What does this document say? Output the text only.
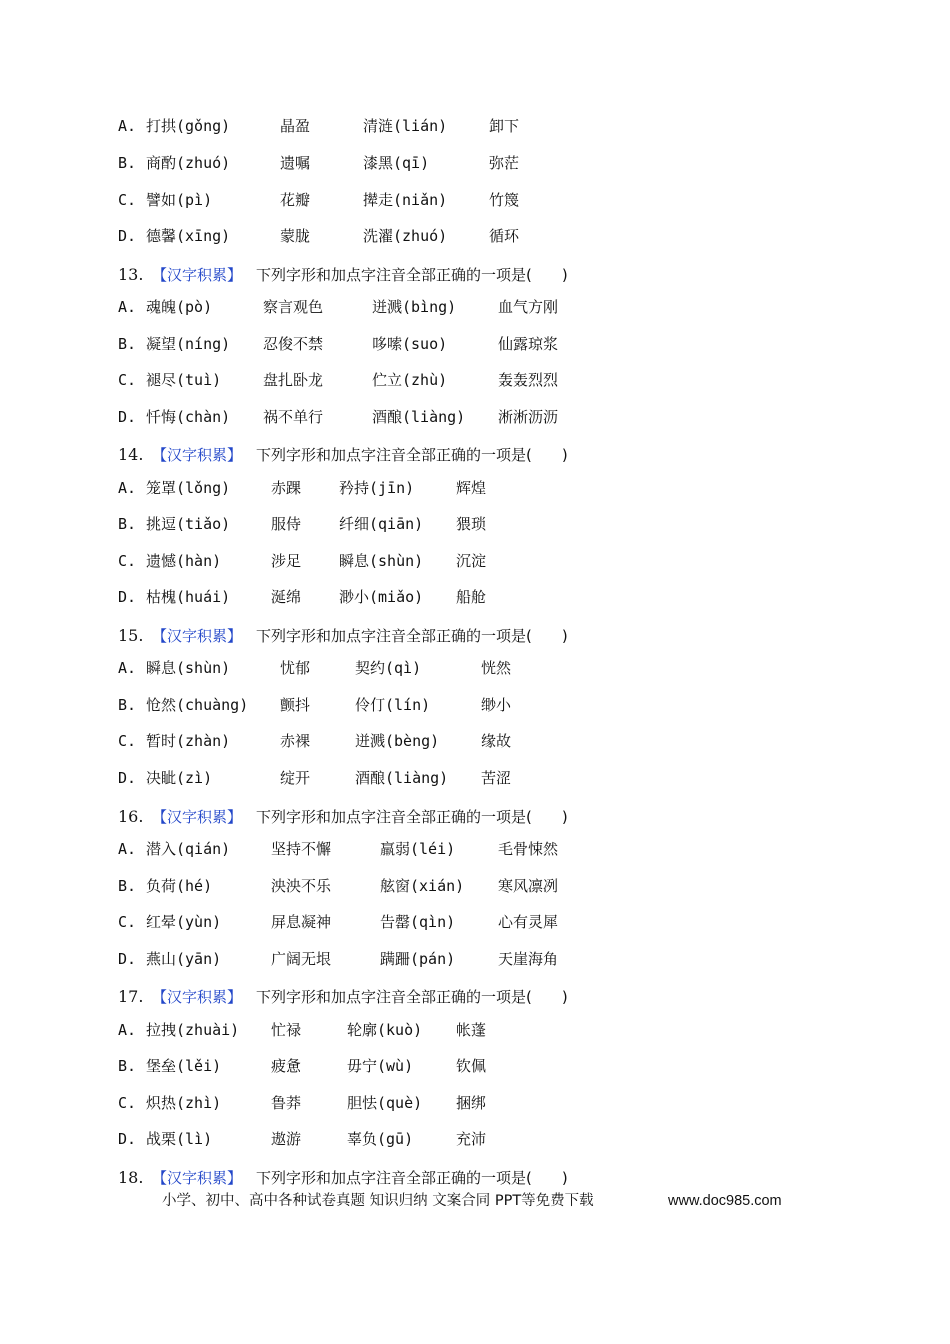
A. 打拱(gǒng)	晶盈	清涟(lián)	卸下
B. 商酌(zhuó)	遗嘱	漆黑(qī)	弥茫
C. 譬如(pì)	花瓣	撵走(niǎn)	竹篾
D. 德馨(xīng)	蒙胧	洗濯(zhuó)	循环
13. 【汉字积累】 下列字形和加点字注音全部正确的一项是(　　)
A. 魂魄(pò)	察言观色	迸溅(bìng)	血气方刚
B. 凝望(níng) 忍俊不禁	哆嗦(suo)	仙露琼浆
C. 褪尽(tuì)	盘扎卧龙	伫立(zhù)	轰轰烈烈
D. 忏悔(chàn) 祸不单行	酒酿(liàng) 淅淅沥沥
14. 【汉字积累】 下列字形和加点字注音全部正确的一项是(　　)
A. 笼罩(lǒng)	赤踝	矜持(jīn)	辉煌
B. 挑逗(tiǎo)	服侍	纤细(qiān) 猥琐
C. 遗憾(hàn)	涉足	瞬息(shùn) 沉淀
D. 枯槐(huái)	涎绵	渺小(miǎo) 船舱
15. 【汉字积累】 下列字形和加点字注音全部正确的一项是(　　)
A. 瞬息(shùn)	忧郁	契约(qì)	恍然
B. 怆然(chuàng) 颤抖	伶仃(lín)	缈小
C. 暂时(zhàn)	赤裸	迸溅(bèng)	缘故
D. 决眦(zì)	绽开	酒酿(liàng) 苦涩
16. 【汉字积累】 下列字形和加点字注音全部正确的一项是(　　)
A. 潜入(qián)	坚持不懈	羸弱(léi)	毛骨悚然
B. 负荷(hé)	泱泱不乐	舷窗(xián) 寒风凛冽
C. 红晕(yùn)	屏息凝神	告罄(qìn)	心有灵犀
D. 燕山(yān)	广阔无垠	蹒跚(pán)	天崖海角
17. 【汉字积累】 下列字形和加点字注音全部正确的一项是(　　)
A. 拉拽(zhuài) 忙禄	轮廓(kuò) 帐蓬
B. 堡垒(lěi)	疲惫	毋宁(wù)	钦佩
C. 炽热(zhì)	鲁莽	胆怯(què) 捆绑
D. 战栗(lì)	遨游	辜负(gū)	充沛
18. 【汉字积累】 下列字形和加点字注音全部正确的一项是(　　)
小学、初中、高中各种试卷真题 知识归纳 文案合同 PPT等免费下载	www.doc985.com
